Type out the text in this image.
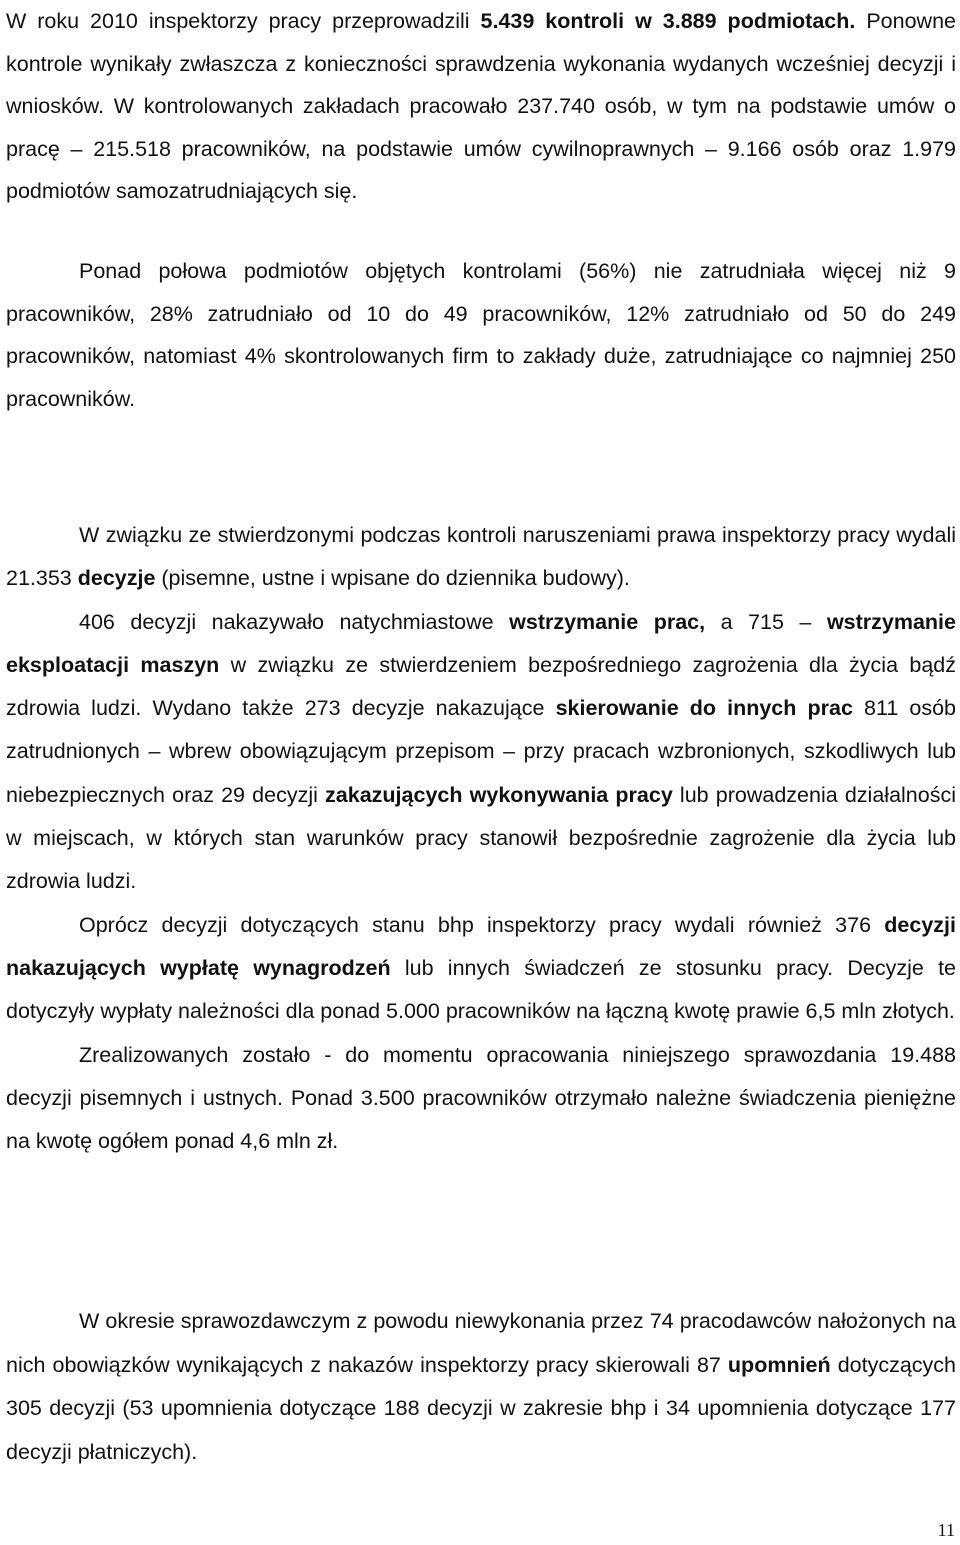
W roku 2010 inspektorzy pracy przeprowadzili 5.439 kontroli w 3.889 podmiotach. Ponowne kontrole wynikały zwłaszcza z konieczności sprawdzenia wykonania wydanych wcześniej decyzji i wniosków. W kontrolowanych zakładach pracowało 237.740 osób, w tym na podstawie umów o pracę – 215.518 pracowników, na podstawie umów cywilnoprawnych – 9.166 osób oraz 1.979 podmiotów samozatrudniających się.

Ponad połowa podmiotów objętych kontrolami (56%) nie zatrudniała więcej niż 9 pracowników, 28% zatrudniało od 10 do 49 pracowników, 12% zatrudniało od 50 do 249 pracowników, natomiast 4% skontrolowanych firm to zakłady duże, zatrudniające co najmniej 250 pracowników.

W związku ze stwierdzonymi podczas kontroli naruszeniami prawa inspektorzy pracy wydali 21.353 decyzje (pisemne, ustne i wpisane do dziennika budowy).
406 decyzji nakazywało natychmiastowe wstrzymanie prac, a 715 – wstrzymanie eksploatacji maszyn w związku ze stwierdzeniem bezpośredniego zagrożenia dla życia bądź zdrowia ludzi. Wydano także 273 decyzje nakazujące skierowanie do innych prac 811 osób zatrudnionych – wbrew obowiązującym przepisom – przy pracach wzbronionych, szkodliwych lub niebezpiecznych oraz 29 decyzji zakazujących wykonywania pracy lub prowadzenia działalności w miejscach, w których stan warunków pracy stanowił bezpośrednie zagrożenie dla życia lub zdrowia ludzi.
Oprócz decyzji dotyczących stanu bhp inspektorzy pracy wydali również 376 decyzji nakazujących wypłatę wynagrodzeń lub innych świadczeń ze stosunku pracy. Decyzje te dotyczyły wypłaty należności dla ponad 5.000 pracowników na łączną kwotę prawie 6,5 mln złotych.
Zrealizowanych zostało - do momentu opracowania niniejszego sprawozdania 19.488 decyzji pisemnych i ustnych. Ponad 3.500 pracowników otrzymało należne świadczenia pieniężne na kwotę ogółem ponad 4,6 mln zł.

W okresie sprawozdawczym z powodu niewykonania przez 74 pracodawców nałożonych na nich obowiązków wynikających z nakazów inspektorzy pracy skierowali 87 upomnień dotyczących 305 decyzji (53 upomnienia dotyczące 188 decyzji w zakresie bhp i 34 upomnienia dotyczące 177 decyzji płatniczych).

11
